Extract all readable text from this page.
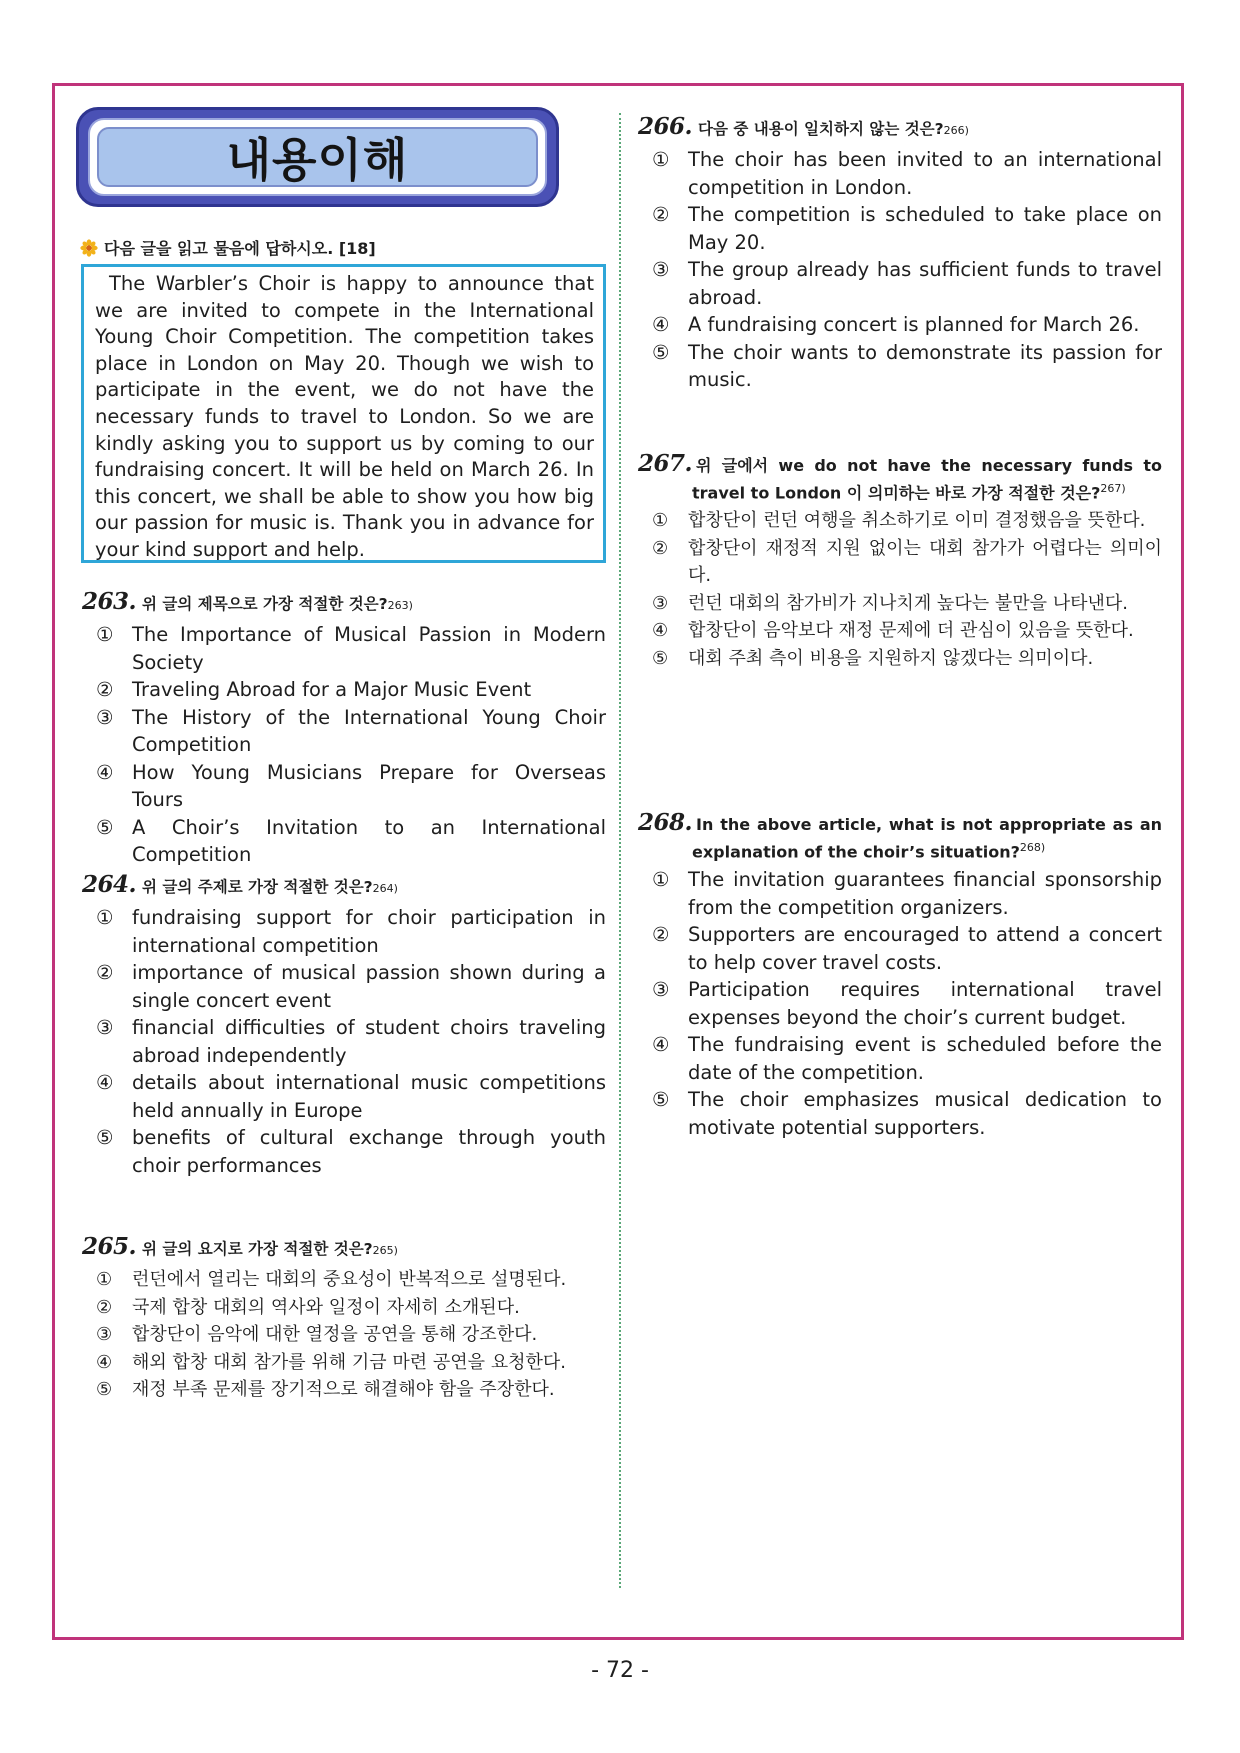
내용이해
다음 글을 읽고 물음에 답하시오. [18]
The Warbler’s Choir is happy to announce that we are invited to compete in the International Young Choir Competition. The competition takes place in London on May 20. Though we wish to participate in the event, we do not have the necessary funds to travel to London. So we are kindly asking you to support us by coming to our fundraising concert. It will be held on March 26. In this concert, we shall be able to show you how big our passion for music is. Thank you in advance for your kind support and help.
263. 위 글의 제목으로 가장 적절한 것은? 263)
① The Importance of Musical Passion in Modern Society
② Traveling Abroad for a Major Music Event
③ The History of the International Young Choir Competition
④ How Young Musicians Prepare for Overseas Tours
⑤ A Choir’s Invitation to an International Competition
264. 위 글의 주제로 가장 적절한 것은? 264)
① fundraising support for choir participation in international competition
② importance of musical passion shown during a single concert event
③ financial difficulties of student choirs traveling abroad independently
④ details about international music competitions held annually in Europe
⑤ benefits of cultural exchange through youth choir performances
265. 위 글의 요지로 가장 적절한 것은? 265)
①	런던에서 열리는 대회의 중요성이 반복적으로 설명된다.
②	국제 합창 대회의 역사와 일정이 자세히 소개된다.
③	합창단이 음악에 대한 열정을 공연을 통해 강조한다.
④	해외 합창 대회 참가를 위해 기금 마련 공연을 요청한다.
⑤	재정 부족 문제를 장기적으로 해결해야 함을 주장한다.
266. 다음 중 내용이 일치하지 않는 것은? 266)
① The choir has been invited to an international competition in London.
② The competition is scheduled to take place on May 20.
③ The group already has sufficient funds to travel abroad.
④ A fundraising concert is planned for March 26.
⑤ The choir wants to demonstrate its passion for music.
267. 위 글에서 we do not have the necessary funds to travel to London 이 의미하는 바로 가장 적절한 것은?$^{267)}$
①	합창단이 런던 여행을 취소하기로 이미 결정했음을 뜻한다.
②	합창단이 재정적 지원 없이는 대회 참가가 어렵다는 의미이다.
③	런던 대회의 참가비가 지나치게 높다는 불만을 나타낸다.
④	합창단이 음악보다 재정 문제에 더 관심이 있음을 뜻한다.
⑤	대회 주최 측이 비용을 지원하지 않겠다는 의미이다.
268. In the above article, what is not appropriate as an explanation of the choir’s situation?$^{268)}$
① The invitation guarantees financial sponsorship from the competition organizers.
② Supporters are encouraged to attend a concert to help cover travel costs.
③ Participation requires international travel expenses beyond the choir’s current budget.
④ The fundraising event is scheduled before the date of the competition.
⑤ The choir emphasizes musical dedication to motivate potential supporters.
- 72 -
